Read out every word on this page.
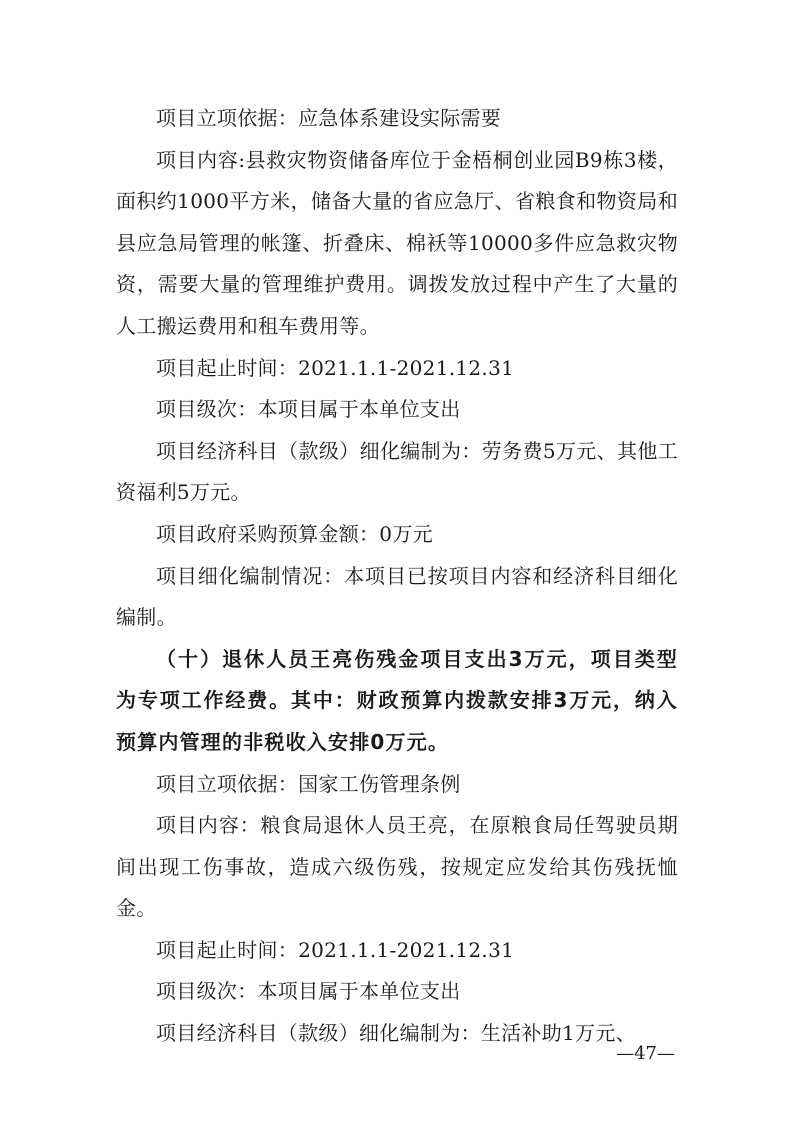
项目立项依据：应急体系建设实际需要

项目内容:县救灾物资储备库位于金梧桐创业园B9栋3楼，面积约1000平方米，储备大量的省应急厅、省粮食和物资局和县应急局管理的帐篷、折叠床、棉袄等10000多件应急救灾物资，需要大量的管理维护费用。调拨发放过程中产生了大量的人工搬运费用和租车费用等。

项目起止时间：2021.1.1-2021.12.31

项目级次：本项目属于本单位支出

项目经济科目（款级）细化编制为：劳务费5万元、其他工资福利5万元。

项目政府采购预算金额：0万元

项目细化编制情况：本项目已按项目内容和经济科目细化编制。

（十）退休人员王亮伤残金项目支出3万元，项目类型为专项工作经费。其中：财政预算内拨款安排3万元，纳入预算内管理的非税收入安排0万元。

项目立项依据：国家工伤管理条例

项目内容：粮食局退休人员王亮，在原粮食局任驾驶员期间出现工伤事故，造成六级伤残，按规定应发给其伤残抚恤金。

项目起止时间：2021.1.1-2021.12.31

项目级次：本项目属于本单位支出

项目经济科目（款级）细化编制为：生活补助1万元、

—47—
